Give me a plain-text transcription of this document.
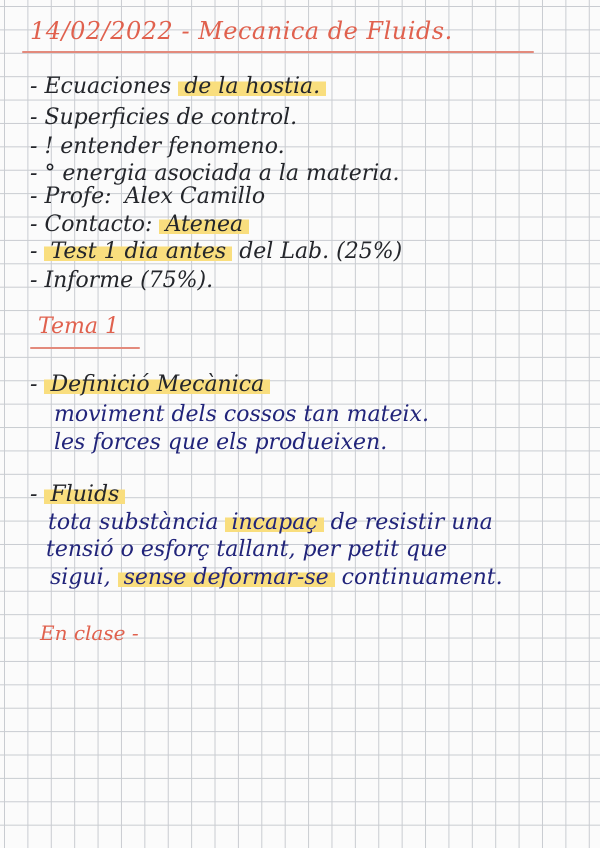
14/02/2022 - Mecanica de Fluids.
- Ecuaciones de la hostia.
- Superficies de control.
- ! entender fenomeno.
- ° energia asociada a la materia.
- Profe: Alex Camillo
- Contacto: Atenea
- Test 1 dia antes del Lab. (25%)
- Informe (75%).
Tema 1
- Definició Mecànica
moviment dels cossos tan mateix.
les forces que els produeixen.
- Fluids
tota substància incapaç de resistir una
tensió o esforç tallant, per petit que
sigui, sense deformar-se continuament.
En clase -
